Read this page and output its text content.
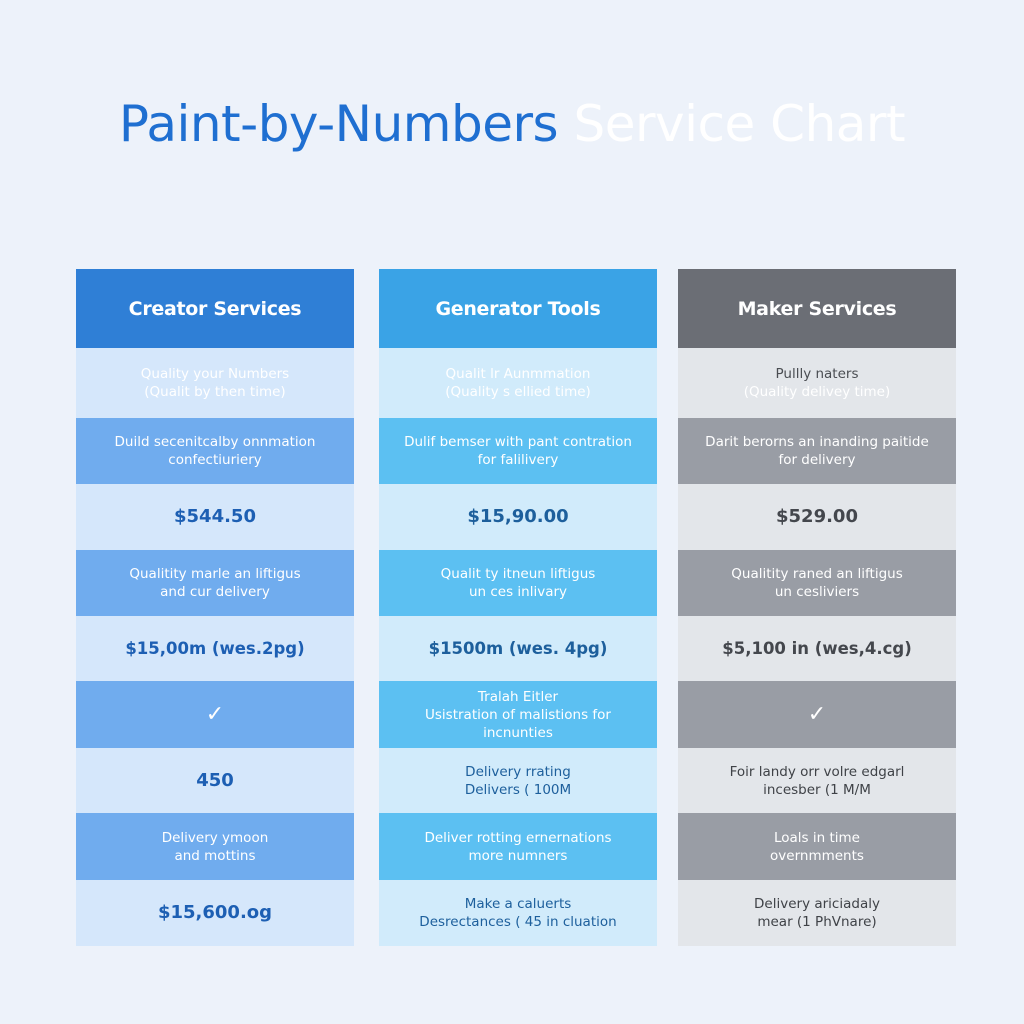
Paint-by-Numbers Service Chart
Creator Services
Quality your Numbers
(Qualit by then time)
Duild secenitcalby onnmation
confectiuriery
$544.50
Qualitity marle an liftigus
and cur delivery
$15,00m (wes.2pg)
✓
450
Delivery ymoon
and mottins
$15,600.og
Generator Tools
Qualit lr Aunmmation
(Quality s ellied time)
Dulif bemser with pant contration
for falilivery
$15,90.00
Qualit ty itneun liftigus
un ces inlivary
$1500m (wes. 4pg)
Tralah Eitler
Usistration of malistions for
incnunties
Delivery rrating
Delivers ( 100M
Deliver rotting ernernations
more numners
Make a caluerts
Desrectances ( 45 in cluation
Maker Services
Pullly naters
(Quality delivey time)
Darit berorns an inanding paitide
for delivery
$529.00
Qualitity raned an liftigus
un cesliviers
$5,100 in (wes,4.cg)
✓
Foir landy orr volre edgarl
incesber (1 M/M
Loals in time
overnmments
Delivery ariciadaly
mear (1 PhVnare)
